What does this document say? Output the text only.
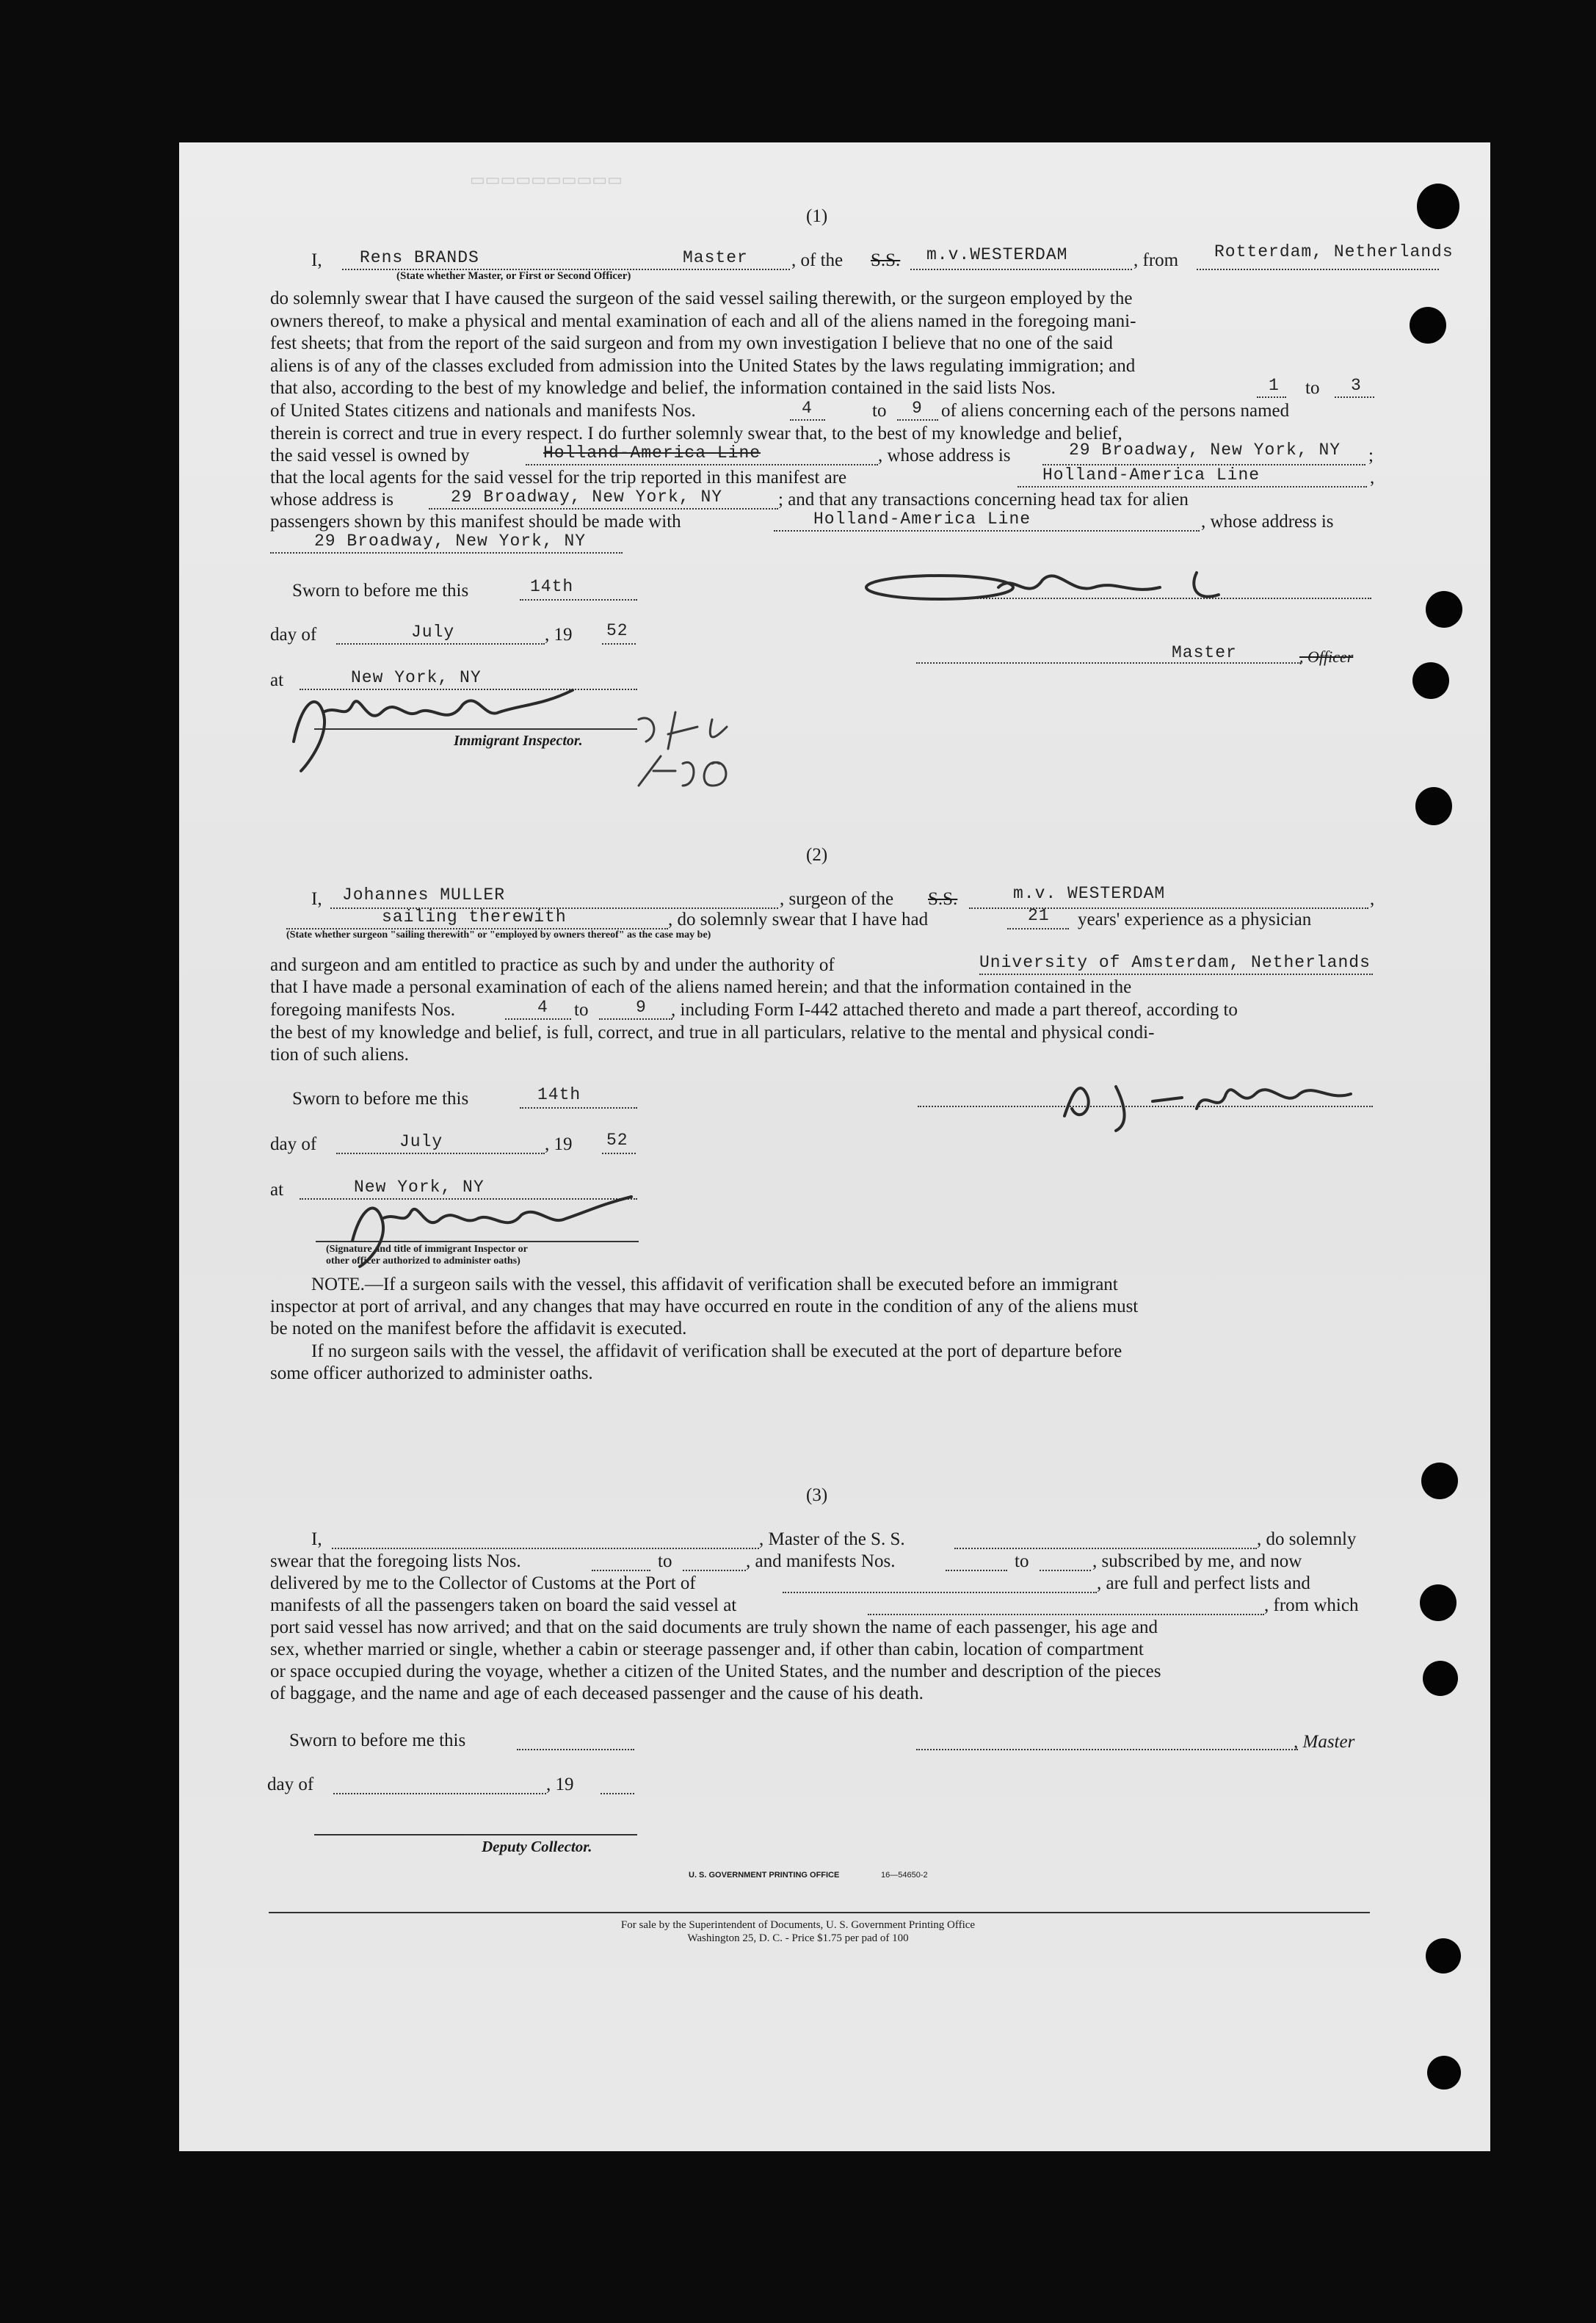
▭▭▭▭▭▭▭▭▭▭
(1)
I, Rens BRANDS	Master , of the S.S. m.v.WESTERDAM	, from Rotterdam, Netherlands
(State whether Master, or First or Second Officer)
do solemnly swear that I have caused the surgeon of the said vessel sailing therewith, or the surgeon employed by the
owners thereof, to make a physical and mental examination of each and all of the aliens named in the foregoing mani-
fest sheets; that from the report of the said surgeon and from my own investigation I believe that no one of the said
aliens is of any of the classes excluded from admission into the United States by the laws regulating immigration; and
that also, according to the best of my knowledge and belief, the information contained in the said lists Nos.	1 to 3
of United States citizens and nationals and manifests Nos.	4	to 9 of aliens concerning each of the persons named
therein is correct and true in every respect. I do further solemnly swear that, to the best of my knowledge and belief,
the said vessel is owned by	Holland-America Line	, whose address is	29 Broadway, New York, NY ;
that the local agents for the said vessel for the trip reported in this manifest are	Holland-America Line	,
whose address is	29 Broadway, New York, NY	; and that any transactions concerning head tax for alien
passengers shown by this manifest should be made with	Holland-America Line	, whose address is
29 Broadway, New York, NY
Sworn to before me this	14th
day of	July	, 19 52
at	New York, NY
Immigrant Inspector.
Master	, Officer
(2)
I, Johannes MULLER	, surgeon of the S.S.	m.v. WESTERDAM	,
sailing therewith	, do solemnly swear that I have had	21 years' experience as a physician
(State whether surgeon "sailing therewith" or "employed by owners thereof" as the case may be)
and surgeon and am entitled to practice as such by and under the authority of	University of Amsterdam, Netherlands
that I have made a personal examination of each of the aliens named herein; and that the information contained in the
foregoing manifests Nos.	4 to	9 , including Form I-442 attached thereto and made a part thereof, according to
the best of my knowledge and belief, is full, correct, and true in all particulars, relative to the mental and physical condi-
tion of such aliens.
Sworn to before me this	14th
day of	July	, 19 52
at	New York, NY
(Signature and title of immigrant Inspector or
other officer authorized to administer oaths)
NOTE.—If a surgeon sails with the vessel, this affidavit of verification shall be executed before an immigrant
inspector at port of arrival, and any changes that may have occurred en route in the condition of any of the aliens must
be noted on the manifest before the affidavit is executed.
If no surgeon sails with the vessel, the affidavit of verification shall be executed at the port of departure before
some officer authorized to administer oaths.
(3)
I,	, Master of the S. S.	, do solemnly
swear that the foregoing lists Nos.	to	, and manifests Nos.	to	, subscribed by me, and now
delivered by me to the Collector of Customs at the Port of	, are full and perfect lists and
manifests of all the passengers taken on board the said vessel at	, from which
port said vessel has now arrived; and that on the said documents are truly shown the name of each passenger, his age and
sex, whether married or single, whether a cabin or steerage passenger and, if other than cabin, location of compartment
or space occupied during the voyage, whether a citizen of the United States, and the number and description of the pieces
of baggage, and the name and age of each deceased passenger and the cause of his death.
Sworn to before me this	, Master
day of	, 19
Deputy Collector.
U. S. GOVERNMENT PRINTING OFFICE	16—54650-2
For sale by the Superintendent of Documents, U. S. Government Printing Office
Washington 25, D. C. - Price $1.75 per pad of 100
